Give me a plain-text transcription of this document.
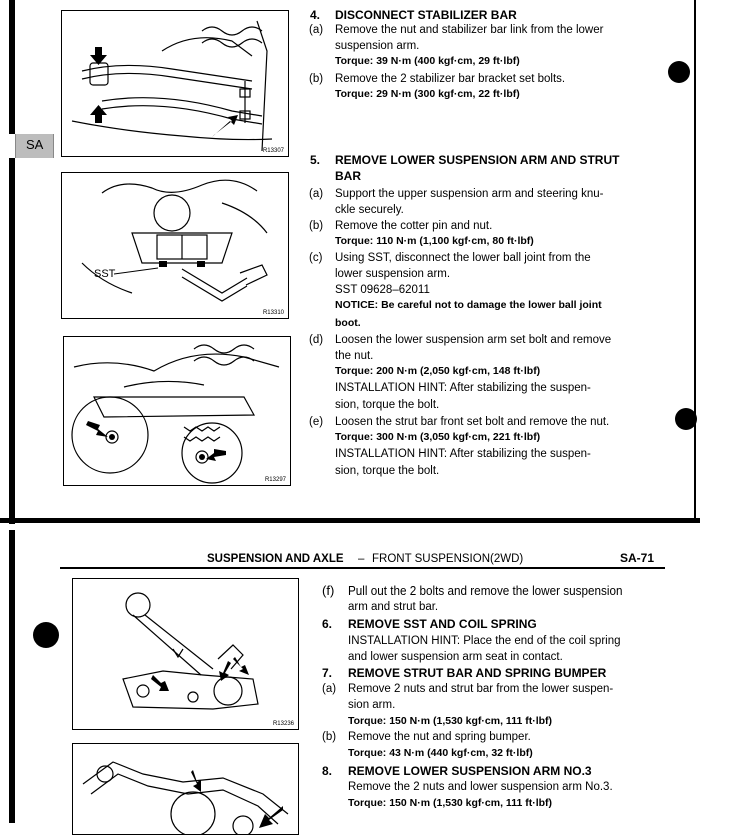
SA	R13307
SST
R13310
R13297
4. DISCONNECT STABILIZER BAR
(a) Remove the nut and stabilizer bar link from the lower
suspension arm.
Torque: 39 N·m (400 kgf·cm, 29 ft·lbf)
(b) Remove the 2 stabilizer bar bracket set bolts.
Torque: 29 N·m (300 kgf·cm, 22 ft·lbf)
5. REMOVE LOWER SUSPENSION ARM AND STRUT
BAR
(a) Support the upper suspension arm and steering knu-
ckle securely.
(b) Remove the cotter pin and nut.
Torque: 110 N·m (1,100 kgf·cm, 80 ft·lbf)
(c) Using SST, disconnect the lower ball joint from the
lower suspension arm.
SST 09628–62011
NOTICE: Be careful not to damage the lower ball joint
boot.
(d) Loosen the lower suspension arm set bolt and remove
the nut.
Torque: 200 N·m (2,050 kgf·cm, 148 ft·lbf)
INSTALLATION HINT: After stabilizing the suspen-
sion, torque the bolt.
(e) Loosen the strut bar front set bolt and remove the nut.
Torque: 300 N·m (3,050 kgf·cm, 221 ft·lbf)
INSTALLATION HINT: After stabilizing the suspen-
sion, torque the bolt.
SUSPENSION AND AXLE – FRONT SUSPENSION(2WD)	SA-71
R13236
(f) Pull out the 2 bolts and remove the lower suspension
arm and strut bar.
6. REMOVE SST AND COIL SPRING
INSTALLATION HINT: Place the end of the coil spring
and lower suspension arm seat in contact.
7. REMOVE STRUT BAR AND SPRING BUMPER
(a) Remove 2 nuts and strut bar from the lower suspen-
sion arm.
Torque: 150 N·m (1,530 kgf·cm, 111 ft·lbf)
(b) Remove the nut and spring bumper.
Torque: 43 N·m (440 kgf·cm, 32 ft·lbf)
8. REMOVE LOWER SUSPENSION ARM NO.3
Remove the 2 nuts and lower suspension arm No.3.
Torque: 150 N·m (1,530 kgf·cm, 111 ft·lbf)
